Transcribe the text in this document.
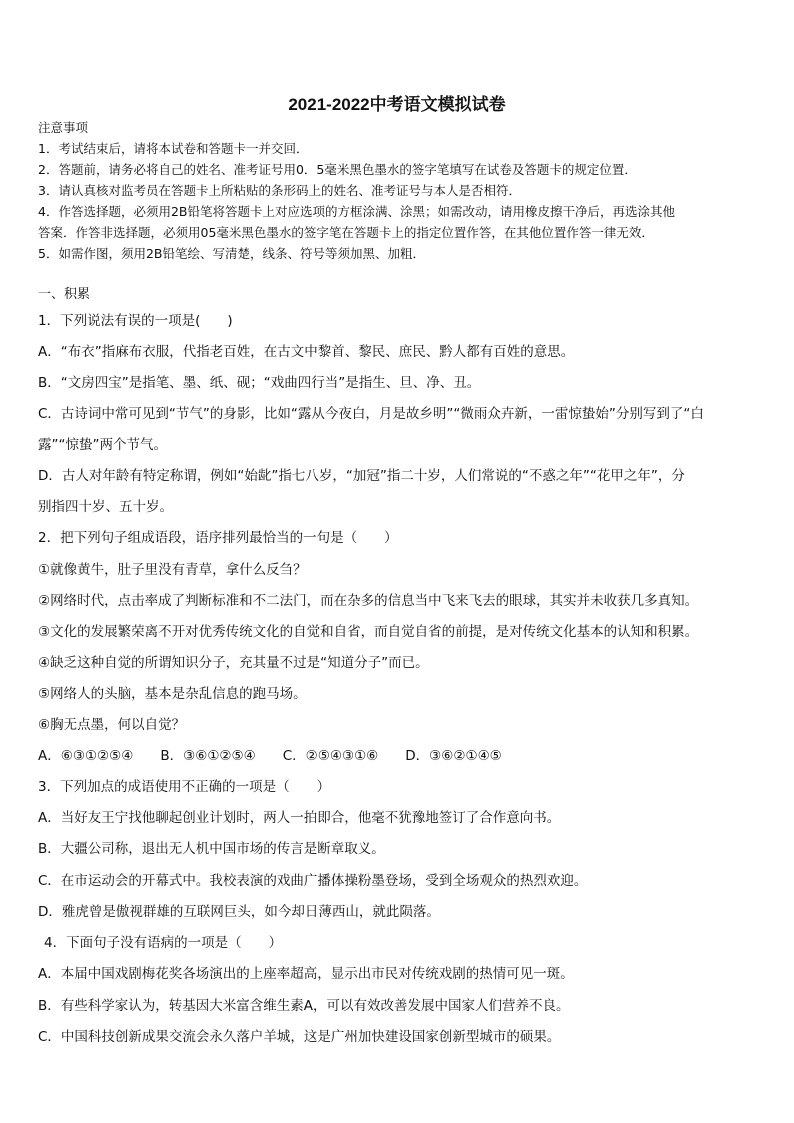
2021-2022中考语文模拟试卷
注意事项
1．考试结束后，请将本试卷和答题卡一并交回．
2．答题前，请务必将自己的姓名、准考证号用0．5毫米黑色墨水的签字笔填写在试卷及答题卡的规定位置．
3．请认真核对监考员在答题卡上所粘贴的条形码上的姓名、准考证号与本人是否相符．
4．作答选择题，必须用2B铅笔将答题卡上对应选项的方框涂满、涂黑；如需改动，请用橡皮擦干净后，再选涂其他
答案．作答非选择题，必须用05毫米黑色墨水的签字笔在答题卡上的指定位置作答，在其他位置作答一律无效．
5．如需作图，须用2B铅笔绘、写清楚，线条、符号等须加黑、加粗．
一、积累
1．下列说法有误的一项是(　　)
A．“布衣”指麻布衣服，代指老百姓，在古文中黎首、黎民、庶民、黔人都有百姓的意思。
B．“文房四宝”是指笔、墨、纸、砚；“戏曲四行当”是指生、旦、净、丑。
C．古诗词中常可见到“节气”的身影，比如“露从今夜白，月是故乡明”“微雨众卉新，一雷惊蛰始”分别写到了“白
露”“惊蛰”两个节气。
D．古人对年龄有特定称谓，例如“始龀”指七八岁，“加冠”指二十岁，人们常说的“不惑之年”“花甲之年”，分
别指四十岁、五十岁。
2．把下列句子组成语段，语序排列最恰当的一句是（　　）
①就像黄牛，肚子里没有青草，拿什么反刍？
②网络时代，点击率成了判断标准和不二法门，而在杂多的信息当中飞来飞去的眼球，其实并未收获几多真知。
③文化的发展繁荣离不开对优秀传统文化的自觉和自省，而自觉自省的前提，是对传统文化基本的认知和积累。
④缺乏这种自觉的所谓知识分子，充其量不过是“知道分子”而已。
⑤网络人的头脑，基本是杂乱信息的跑马场。
⑥胸无点墨，何以自觉？
A．⑥③①②⑤④　　B．③⑥①②⑤④　　C．②⑤④③①⑥　　D．③⑥②①④⑤
3．下列加点的成语使用不正确的一项是（　　）
A．当好友王宁找他聊起创业计划时，两人一拍即合，他毫不犹豫地签订了合作意向书。
B．大疆公司称，退出无人机中国市场的传言是断章取义。
C．在市运动会的开幕式中。我校表演的戏曲广播体操粉墨登场，受到全场观众的热烈欢迎。
D．雅虎曾是傲视群雄的互联网巨头，如今却日薄西山，就此陨落。
4．下面句子没有语病的一项是（　　）
A．本届中国戏剧梅花奖各场演出的上座率超高，显示出市民对传统戏剧的热情可见一斑。
B．有些科学家认为，转基因大米富含维生素A，可以有效改善发展中国家人们营养不良。
C．中国科技创新成果交流会永久落户羊城，这是广州加快建设国家创新型城市的硕果。
